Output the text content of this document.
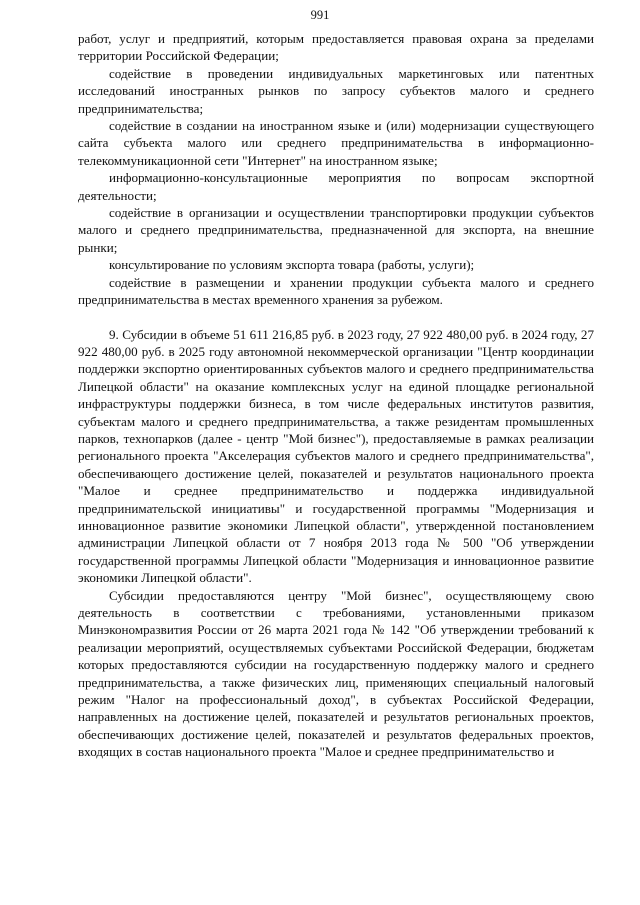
991

работ, услуг и предприятий, которым предоставляется правовая охрана за пределами территории Российской Федерации;

содействие в проведении индивидуальных маркетинговых или патентных исследований иностранных рынков по запросу субъектов малого и среднего предпринимательства;

содействие в создании на иностранном языке и (или) модернизации существующего сайта субъекта малого или среднего предпринимательства в информационно-телекоммуникационной сети "Интернет" на иностранном языке;

информационно-консультационные мероприятия по вопросам экспортной деятельности;

содействие в организации и осуществлении транспортировки продукции субъектов малого и среднего предпринимательства, предназначенной для экспорта, на внешние рынки;

консультирование по условиям экспорта товара (работы, услуги);

содействие в размещении и хранении продукции субъекта малого и среднего предпринимательства в местах временного хранения за рубежом.

9. Субсидии в объеме 51 611 216,85 руб. в 2023 году, 27 922 480,00 руб. в 2024 году, 27 922 480,00 руб. в 2025 году автономной некоммерческой организации "Центр координации поддержки экспортно ориентированных субъектов малого и среднего предпринимательства Липецкой области" на оказание комплексных услуг на единой площадке региональной инфраструктуры поддержки бизнеса, в том числе федеральных институтов развития, субъектам малого и среднего предпринимательства, а также резидентам промышленных парков, технопарков (далее - центр "Мой бизнес"), предоставляемые в рамках реализации регионального проекта "Акселерация субъектов малого и среднего предпринимательства", обеспечивающего достижение целей, показателей и результатов национального проекта "Малое и среднее предпринимательство и поддержка индивидуальной предпринимательской инициативы" и государственной программы "Модернизация и инновационное развитие экономики Липецкой области", утвержденной постановлением администрации Липецкой области от 7 ноября 2013 года № 500 "Об утверждении государственной программы Липецкой области "Модернизация и инновационное развитие экономики Липецкой области".

Субсидии предоставляются центру "Мой бизнес", осуществляющему свою деятельность в соответствии с требованиями, установленными приказом Минэкономразвития России от 26 марта 2021 года № 142 "Об утверждении требований к реализации мероприятий, осуществляемых субъектами Российской Федерации, бюджетам которых предоставляются субсидии на государственную поддержку малого и среднего предпринимательства, а также физических лиц, применяющих специальный налоговый режим "Налог на профессиональный доход", в субъектах Российской Федерации, направленных на достижение целей, показателей и результатов региональных проектов, обеспечивающих достижение целей, показателей и результатов федеральных проектов, входящих в состав национального проекта "Малое и среднее предпринимательство и
